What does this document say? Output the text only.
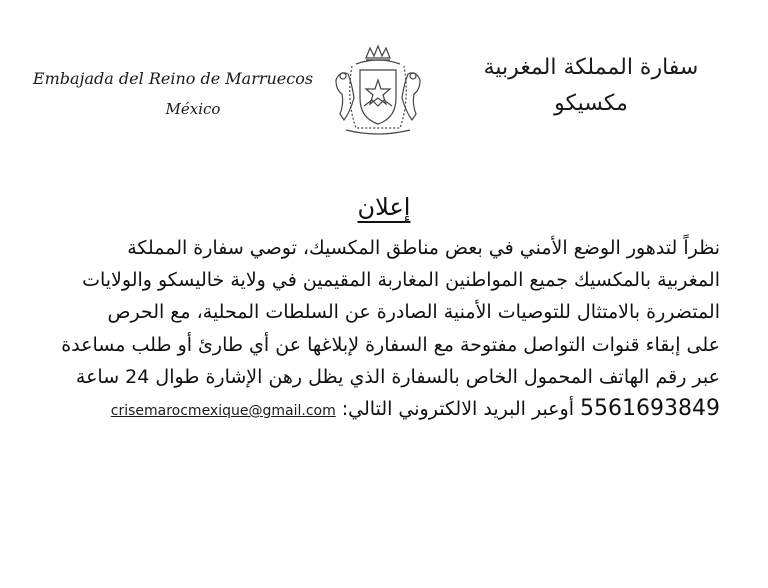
Embajada del Reino de Marruecos
México
سفارة المملكة المغربية
مكسيكو
إعلان
نظراً لتدهور الوضع الأمني في بعض مناطق المكسيك، توصي سفارة المملكة
المغربية بالمكسيك جميع المواطنين المغاربة المقيمين في ولاية خاليسكو والولايات
المتضررة بالامتثال للتوصيات الأمنية الصادرة عن السلطات المحلية، مع الحرص
على إبقاء قنوات التواصل مفتوحة مع السفارة لإبلاغها عن أي طارئ أو طلب مساعدة
عبر رقم الهاتف المحمول الخاص بالسفارة الذي يظل رهن الإشارة طوال 24 ساعة
crisemarocmexique@gmail.com أوعبر البريد الالكتروني التالي: 5561693849
